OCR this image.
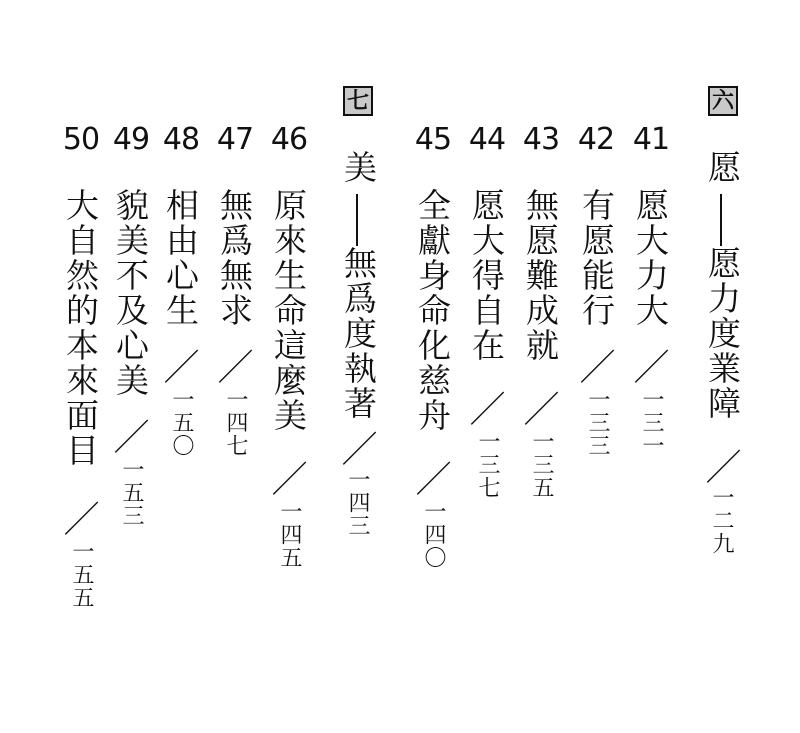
六
愿
愿力度業障
／
一二九
41
愿大力大
／
一三一
42
有愿能行
／
一三三
43
無愿難成就
／
一三五
44
愿大得自在
／
一三七
45
全獻身命化慈舟
／
一四〇
七
美
無爲度執著
／
一四三
46
原來生命這麼美
／
一四五
47
無爲無求
／
一四七
48
相由心生
／
一五〇
49
貌美不及心美
／
一五三
50
大自然的本來面目
／
一五五
